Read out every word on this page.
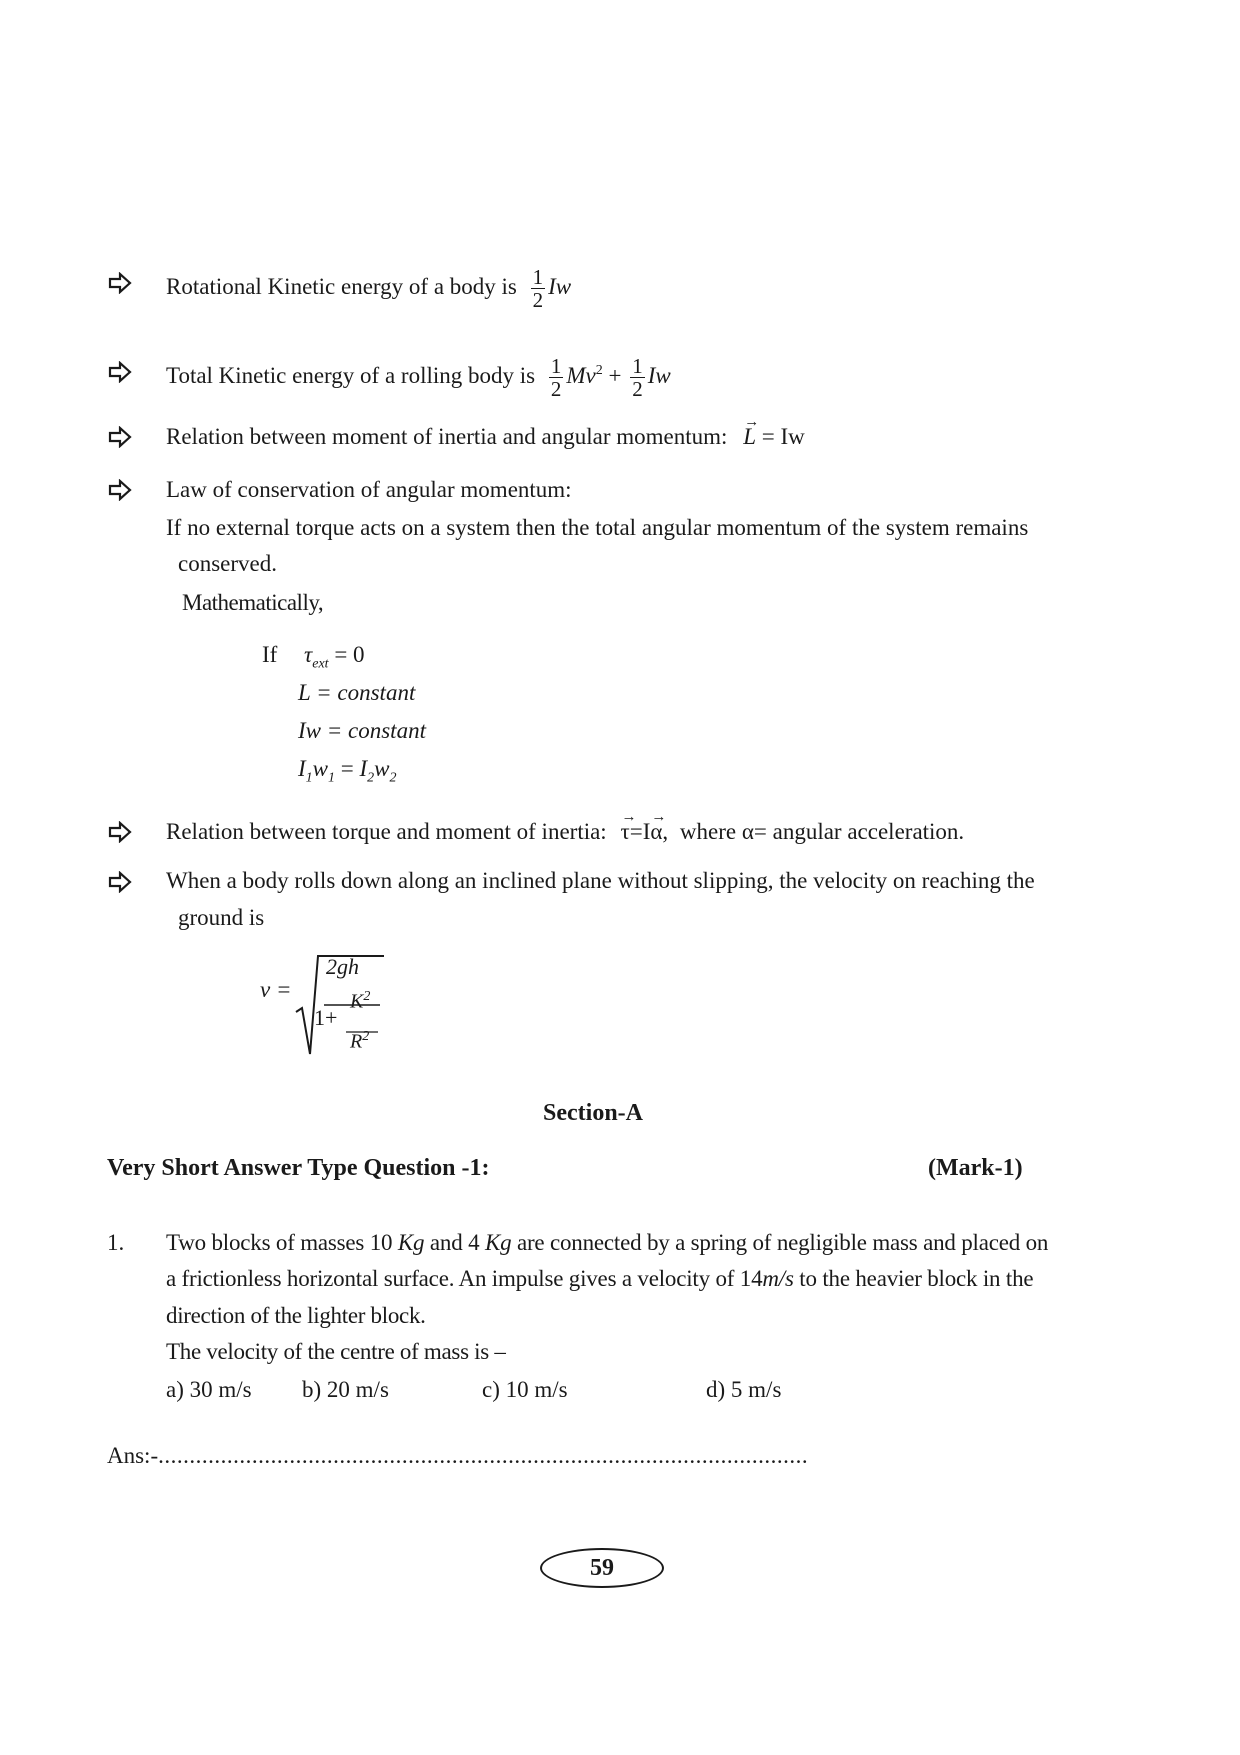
Rotational Kinetic energy of a body is $\frac{1}{2}$ Iw
Total Kinetic energy of a rolling body is $\frac{1}{2} Mv^2 + \frac{1}{2}$ Iw
Relation between moment of inertia and angular momentum: → L = Iw
Law of conservation of angular momentum:
If no external torque acts on a system then the total angular momentum of the system remains
conserved.
Mathematically,
If $\tau_{ext} = 0$
L = constant
Iw = constant
$I_1w_1 = I_2w_2$
Relation between torque and moment of inertia: → τ=I→ α, where α= angular acceleration.
When a body rolls down along an inclined plane without slipping, the velocity on reaching the
ground is
v =
2gh
1+
$K^2$
$R^2$
Section-A
Very Short Answer Type Question -1:	(Mark-1)
1. Two blocks of masses 10 Kg and 4 Kg are connected by a spring of negligible mass and placed on
a frictionless horizontal surface. An impulse gives a velocity of 14m/s to the heavier block in the
direction of the lighter block.
The velocity of the centre of mass is –
a) 30 m/s b) 20 m/s	c) 10 m/s	d) 5 m/s
Ans:-........................................................................................................
59
